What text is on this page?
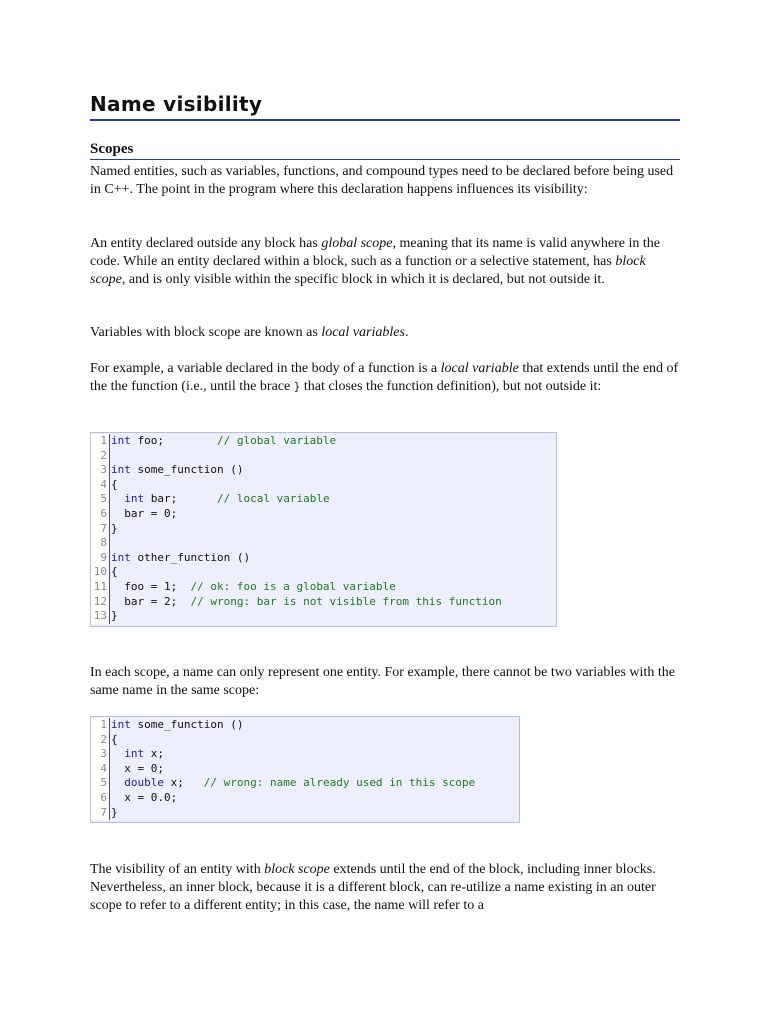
Name visibility
Scopes

Named entities, such as variables, functions, and compound types need to be declared before being used in C++. The point in the program where this declaration happens influences its visibility:

An entity declared outside any block has global scope, meaning that its name is valid anywhere in the code. While an entity declared within a block, such as a function or a selective statement, has block scope, and is only visible within the specific block in which it is declared, but not outside it.

Variables with block scope are known as local variables.

For example, a variable declared in the body of a function is a local variable that extends until the end of the the function (i.e., until the brace } that closes the function definition), but not outside it:

1 int foo;        // global variable
2
3 int some_function ()
4 {
5	int bar;      // local variable
6 bar = 0;
7 }
8
9 int other_function ()
10 {
11 foo = 1;  // ok: foo is a global variable
12 bar = 2;  // wrong: bar is not visible from this function
13 }

In each scope, a name can only represent one entity. For example, there cannot be two variables with the same name in the same scope:

1 int some_function ()
2 {
3	int x;
4 x = 0;
5	double x;   // wrong: name already used in this scope
6 x = 0.0;
7 }

The visibility of an entity with block scope extends until the end of the block, including inner blocks. Nevertheless, an inner block, because it is a different block, can re-utilize a name existing in an outer scope to refer to a different entity; in this case, the name will refer to a
